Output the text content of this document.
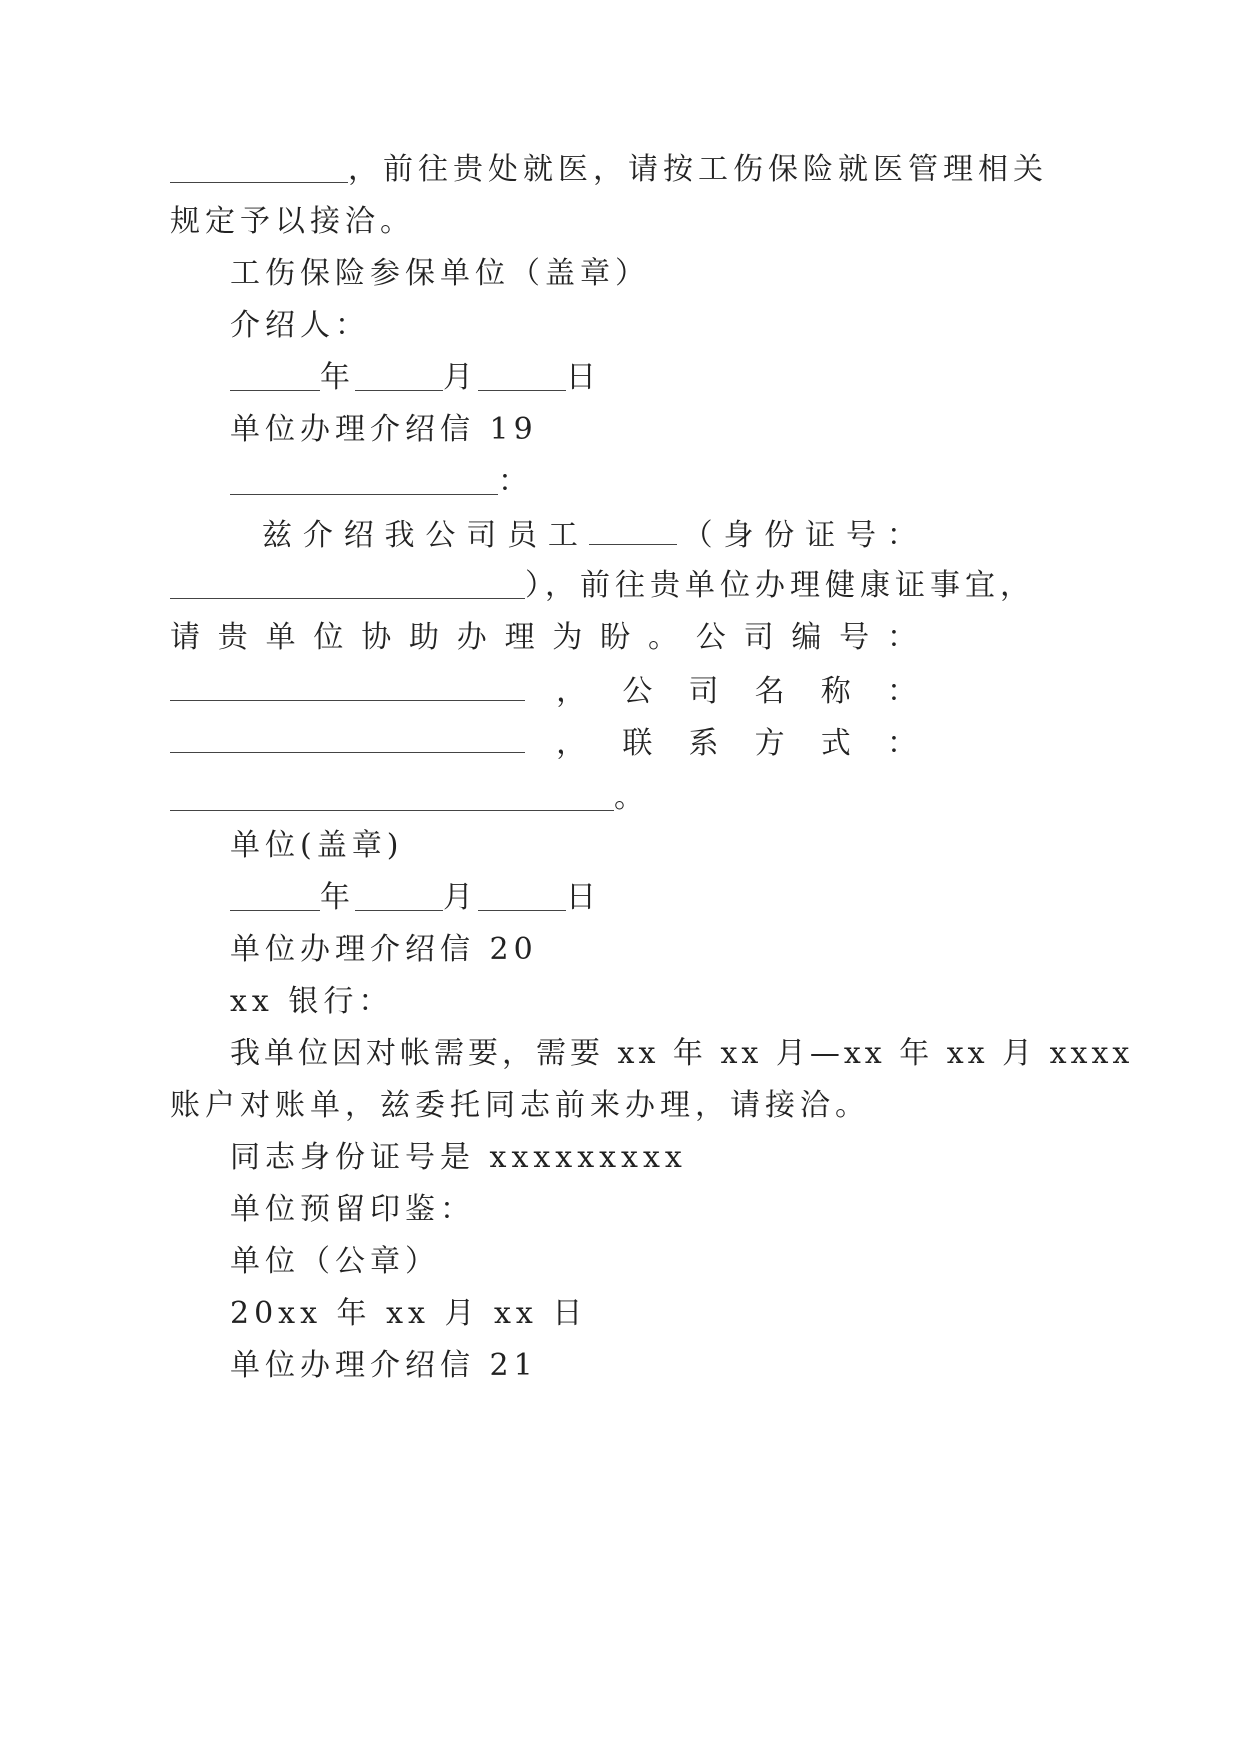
，前往贵处就医，请按工伤保险就医管理相关
规定予以接洽。
工伤保险参保单位（盖章）
介绍人：
年	月	日
单位办理介绍信 19
：
兹 介 绍 我 公 司 员 工	（ 身 份 证 号 ：
），前往贵单位办理健康证事宜，
请 贵 单 位 协 助 办 理 为 盼 。 公 司 编 号 ：
， 公 司 名 称 ：
， 联 系 方 式 ：
。
单位(盖章)
年	月	日
单位办理介绍信 20
xx 银行：
我单位因对帐需要，需要 xx 年 xx 月—xx 年 xx 月 xxxx
账户对账单，兹委托同志前来办理，请接洽。
同志身份证号是 xxxxxxxxx
单位预留印鉴：
单位（公章）
20xx 年 xx 月 xx 日
单位办理介绍信 21
